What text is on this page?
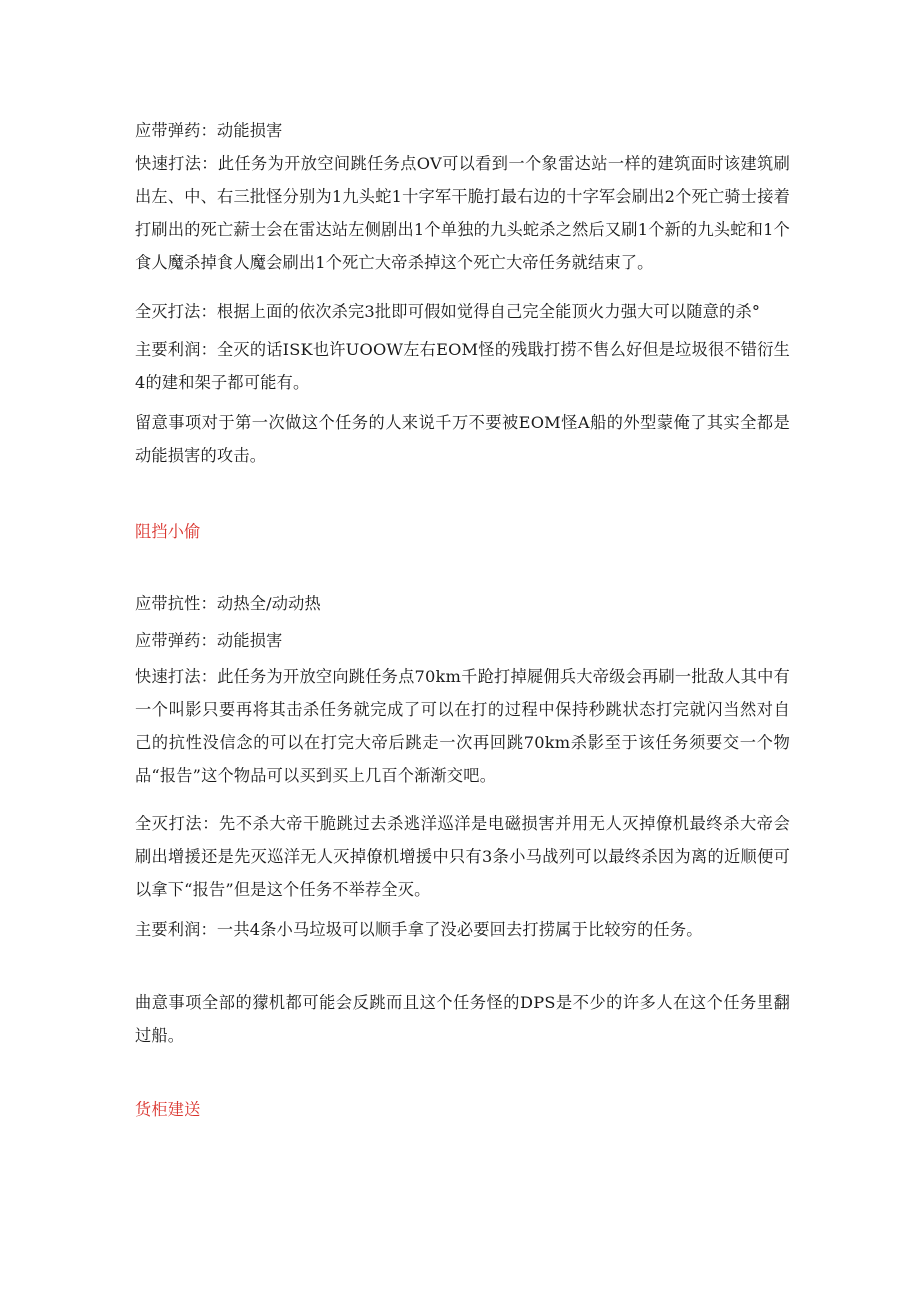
应带弹药：动能损害

快速打法：此任务为开放空间跳任务点OV可以看到一个象雷达站一样的建筑面时该建筑刷出左、中、右三批怪分别为1九头蛇1十字军干脆打最右边的十字军会刷出2个死亡骑士接着打刷出的死亡薪士会在雷达站左侧剧出1个单独的九头蛇杀之然后又刷1个新的九头蛇和1个食人魔杀掉食人魔会刷出1个死亡大帝杀掉这个死亡大帝任务就结束了。

全灭打法：根据上面的依次杀完3批即可假如觉得自己完全能顶火力强大可以随意的杀°

主要利润：全灭的话ISK也许UOOW左右EOM怪的残戢打捞不售么好但是垃圾很不错衍生4的建和架子都可能有。

留意事项对于第一次做这个任务的人来说千万不要被EOM怪A船的外型蒙俺了其实全都是动能损害的攻击。

阻挡小偷

应带抗性：动热全/动动热

应带弹药：动能损害

快速打法：此任务为开放空向跳任务点70km千跄打掉屣佣兵大帝级会再刷一批敌人其中有一个叫影只要再将其击杀任务就完成了可以在打的过程中保持秒跳状态打完就闪当然对自己的抗性没信念的可以在打完大帝后跳走一次再回跳70km杀影至于该任务须要交一个物品“报告”这个物品可以买到买上几百个渐渐交吧。

全灭打法：先不杀大帝干脆跳过去杀逃洋巡洋是电磁损害并用无人灭掉僚机最终杀大帝会刷出增援还是先灭巡洋无人灭掉僚机增援中只有3条小马战列可以最终杀因为离的近顺便可以拿下“报告”但是这个任务不举荐全灭。

主要利润：一共4条小马垃圾可以顺手拿了没必要回去打捞属于比较穷的任务。

曲意事项全部的獴机都可能会反跳而且这个任务怪的DPS是不少的许多人在这个任务里翻过船。

货柜建送
